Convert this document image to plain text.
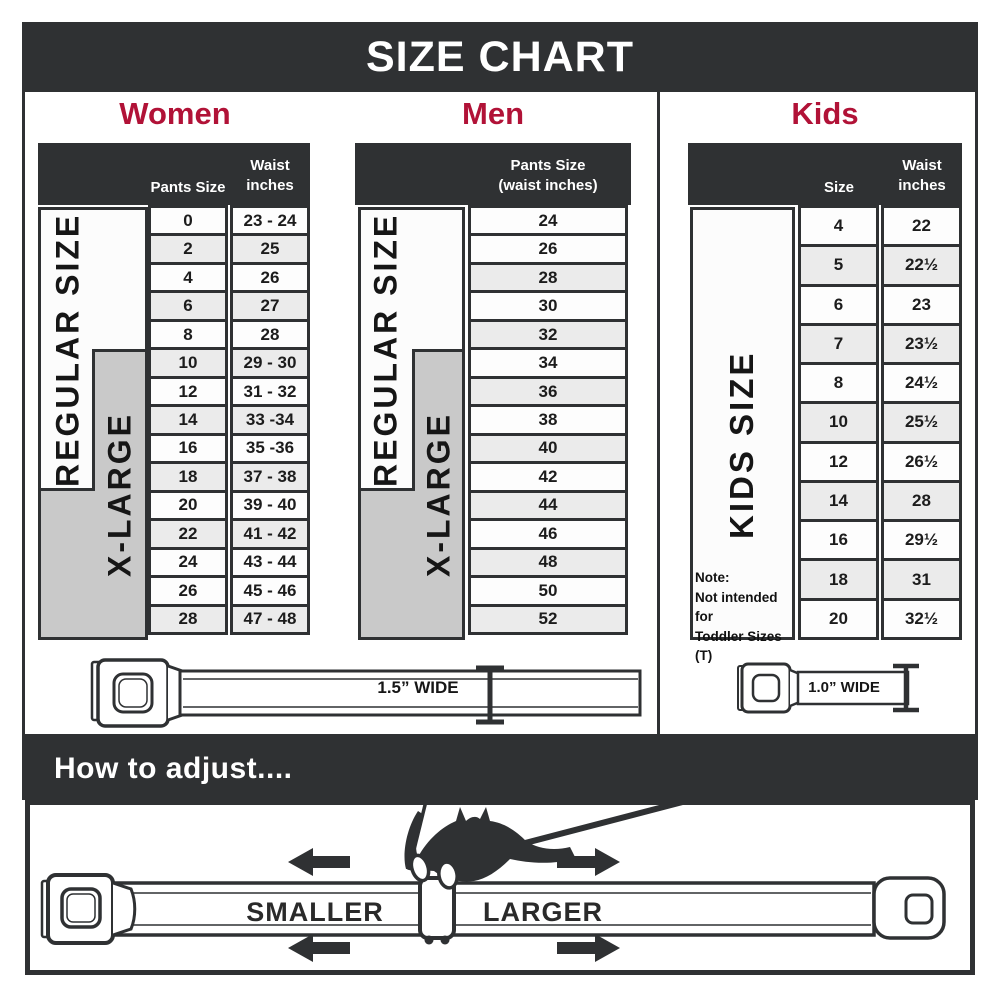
SIZE CHART
Women	Men	Kids
Pants Size
Waist
inches
REGULAR SIZE
X-LARGE
0	23 - 24
2	25
4	26
6	27
8	28
10	29 - 30
12	31 - 32
14	33 -34
16	35 -36
18	37 - 38
20	39 - 40
22	41 - 42
24	43 - 44
26	45 - 46
28	47 - 48
Pants Size
(waist inches)
REGULAR SIZE
X-LARGE
24
26
28
30
32
34
36
38
40
42
44
46
48
50
52
Size
Waist
inches
KIDS SIZE
Note:
Not intended for
Toddler Sizes (T)
4	22
5	22½
6	23
7	23½
8	24½
10	25½
12	26½
14	28
16	29½
18	31
20	32½
1.5” WIDE	1.0” WIDE
How to adjust....
SMALLER	LARGER
